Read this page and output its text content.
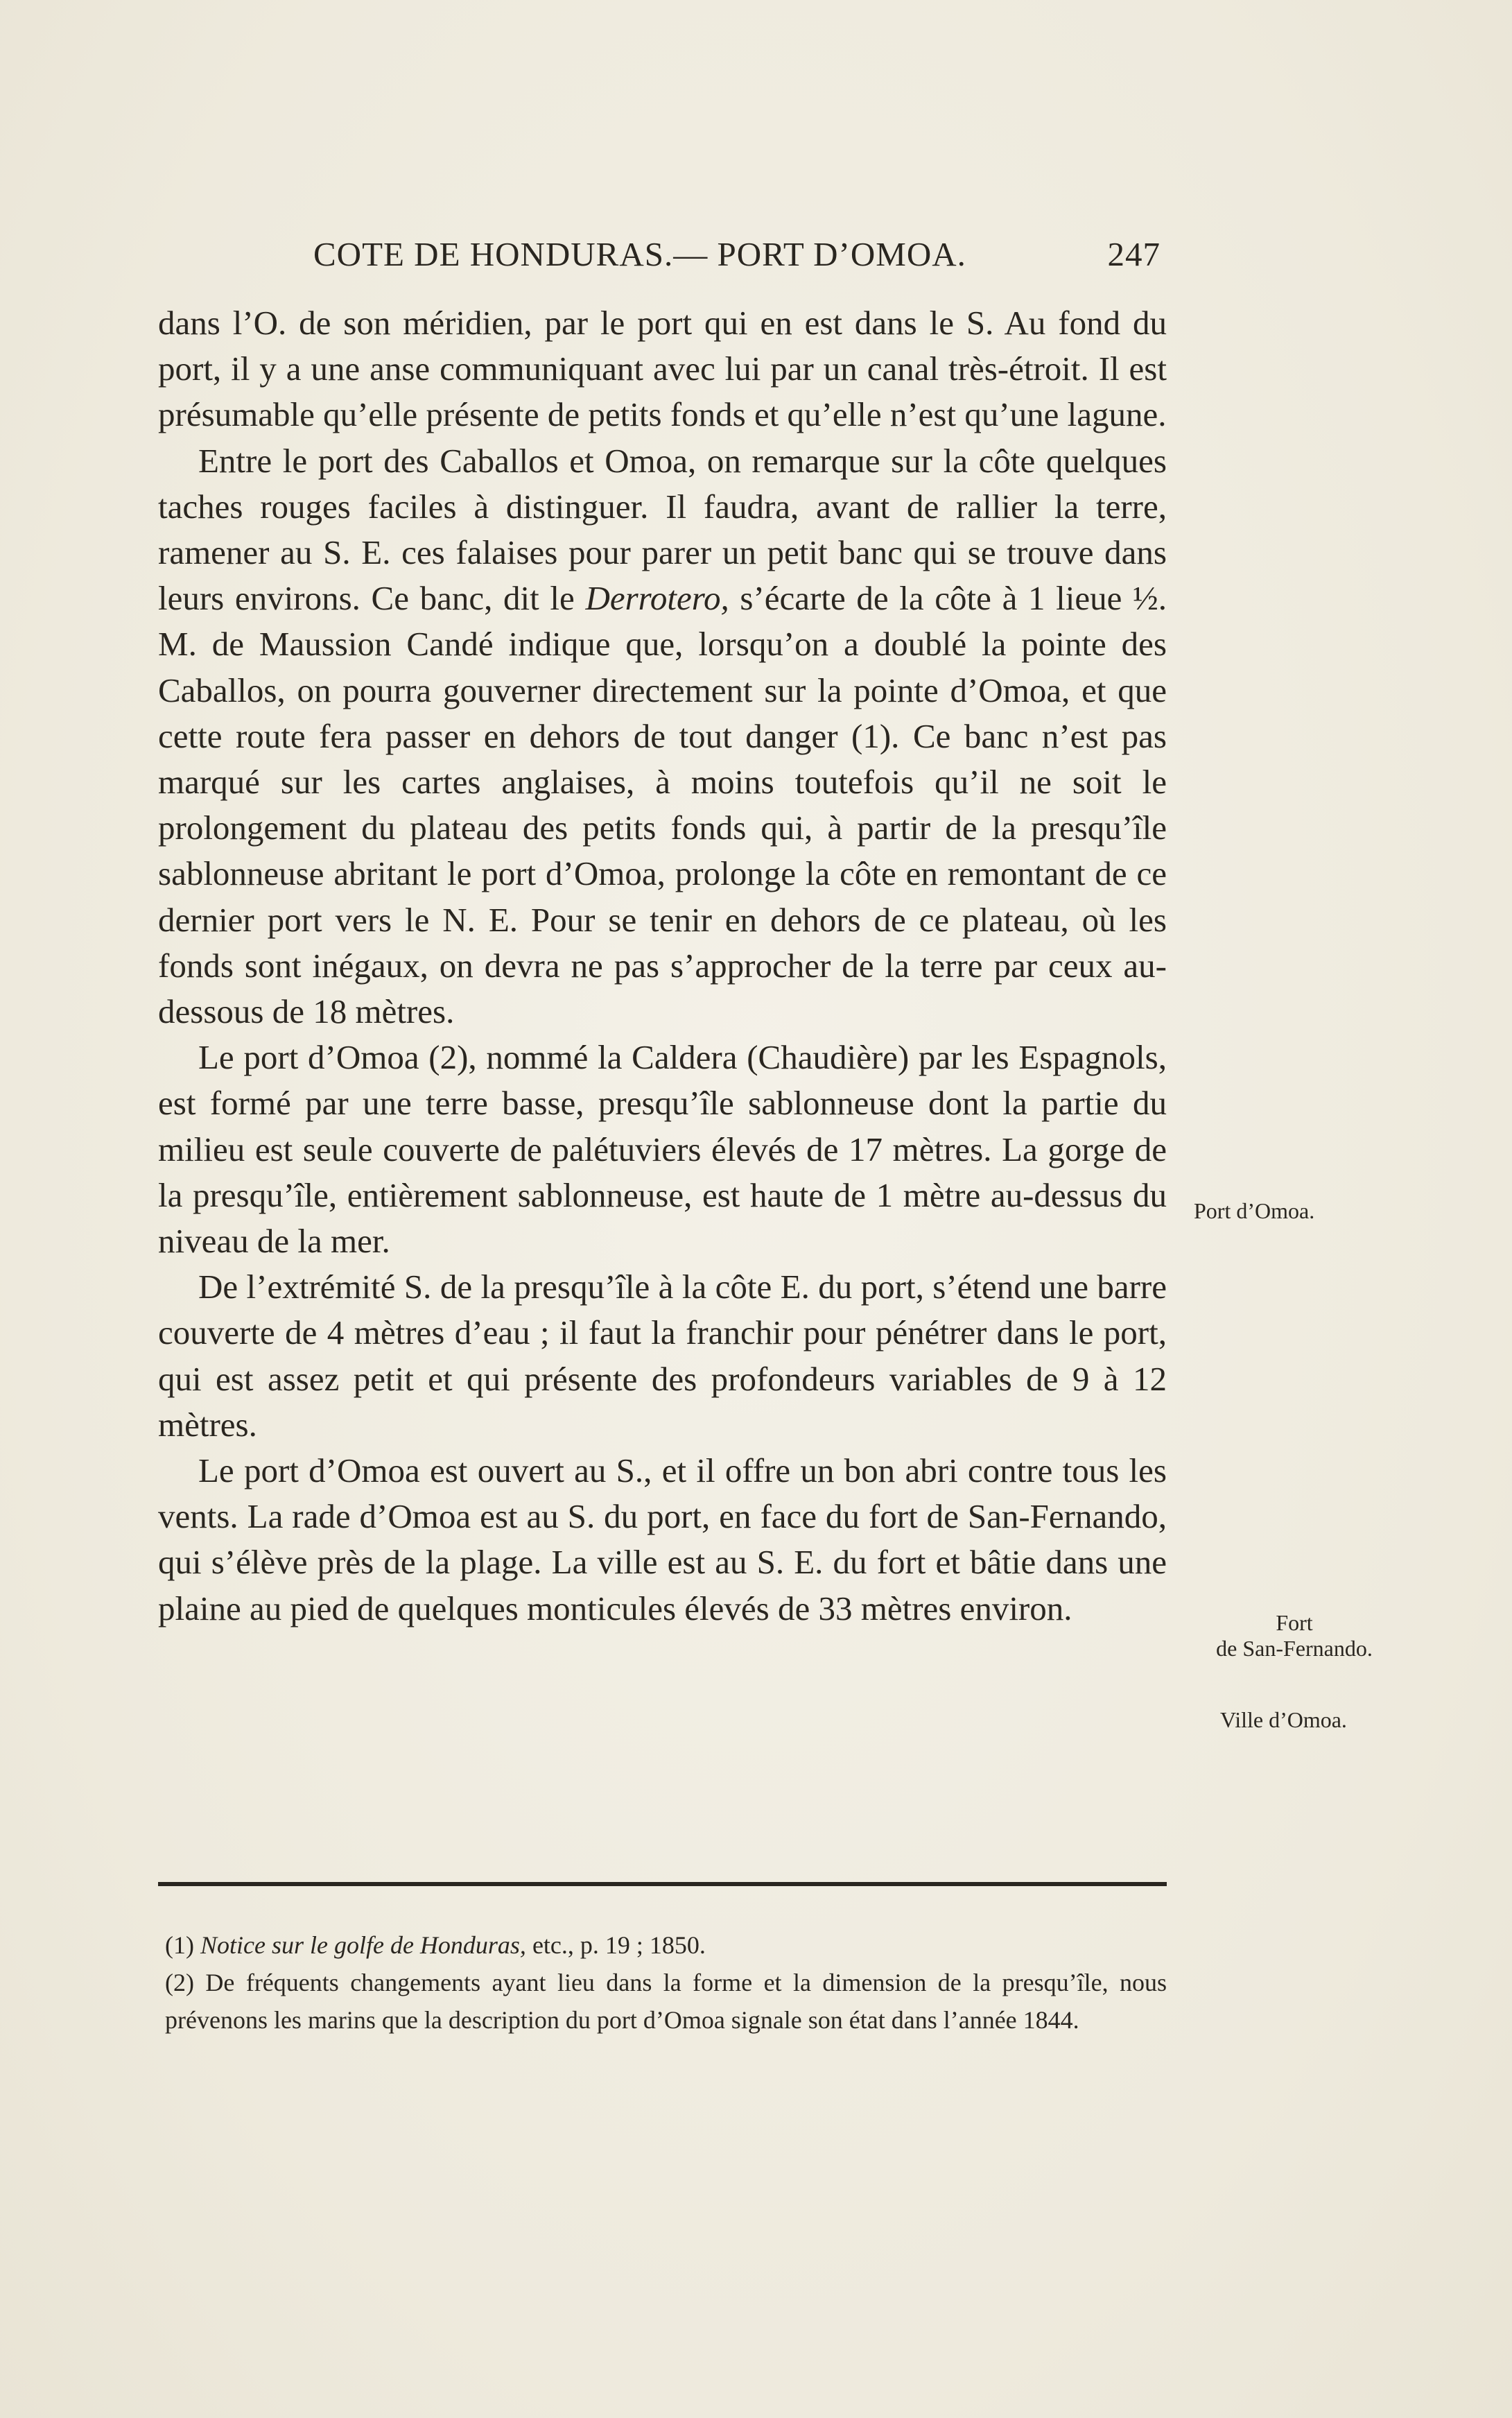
COTE DE HONDURAS.— PORT D’OMOA.	247

dans l’O. de son méridien, par le port qui en est dans le S. Au fond du port, il y a une anse communiquant avec lui par un canal très-étroit. Il est présumable qu’elle présente de petits fonds et qu’elle n’est qu’une lagune.

Entre le port des Caballos et Omoa, on remarque sur la côte quelques taches rouges faciles à distinguer. Il faudra, avant de rallier la terre, ramener au S. E. ces falaises pour parer un petit banc qui se trouve dans leurs environs. Ce banc, dit le Derrotero, s’écarte de la côte à 1 lieue ½. M. de Maussion Candé indique que, lorsqu’on a doublé la pointe des Caballos, on pourra gouverner directement sur la pointe d’Omoa, et que cette route fera passer en dehors de tout danger (1). Ce banc n’est pas marqué sur les cartes anglaises, à moins toutefois qu’il ne soit le prolongement du plateau des petits fonds qui, à partir de la presqu’île sablonneuse abritant le port d’Omoa, prolonge la côte en remontant de ce dernier port vers le N. E. Pour se tenir en dehors de ce plateau, où les fonds sont inégaux, on devra ne pas s’approcher de la terre par ceux au-dessous de 18 mètres.

Le port d’Omoa (2), nommé la Caldera (Chaudière) par les Espagnols, est formé par une terre basse, presqu’île sablonneuse dont la partie du milieu est seule couverte de palétuviers élevés de 17 mètres. La gorge de la presqu’île, entièrement sablonneuse, est haute de 1 mètre au-dessus du niveau de la mer.

De l’extrémité S. de la presqu’île à la côte E. du port, s’étend une barre couverte de 4 mètres d’eau ; il faut la franchir pour pénétrer dans le port, qui est assez petit et qui présente des profondeurs variables de 9 à 12 mètres.

Le port d’Omoa est ouvert au S., et il offre un bon abri contre tous les vents. La rade d’Omoa est au S. du port, en face du fort de San-Fernando, qui s’élève près de la plage. La ville est au S. E. du fort et bâtie dans une plaine au pied de quelques monticules élevés de 33 mètres environ.

Port d’Omoa.
Fort
de San-Fernando.
Ville d’Omoa.

(1) Notice sur le golfe de Honduras, etc., p. 19 ; 1850.

(2) De fréquents changements ayant lieu dans la forme et la dimension de la presqu’île, nous prévenons les marins que la description du port d’Omoa signale son état dans l’année 1844.
